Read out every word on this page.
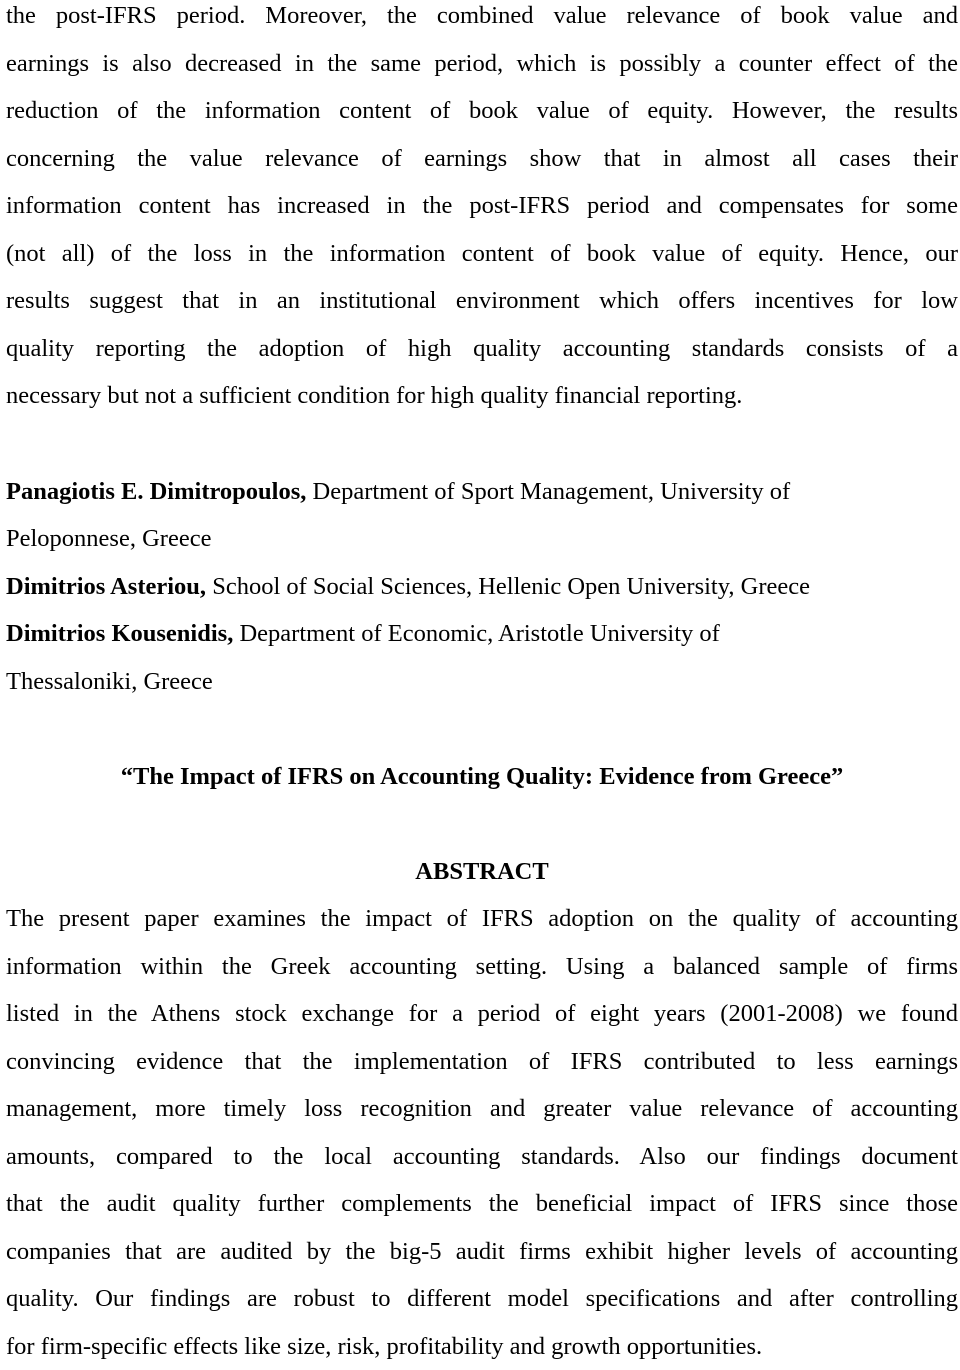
the post-IFRS period. Moreover, the combined value relevance of book value and

earnings is also decreased in the same period, which is possibly a counter effect of the

reduction of the information content of book value of equity. However, the results

concerning the value relevance of earnings show that in almost all cases their

information content has increased in the post-IFRS period and compensates for some

(not all) of the loss in the information content of book value of equity. Hence, our

results suggest that in an institutional environment which offers incentives for low

quality reporting the adoption of high quality accounting standards consists of a

necessary but not a sufficient condition for high quality financial reporting.

Panagiotis E. Dimitropoulos, Department of Sport Management, University of

Peloponnese, Greece

Dimitrios Asteriou, School of Social Sciences, Hellenic Open University, Greece

Dimitrios Kousenidis, Department of Economic, Aristotle University of

Thessaloniki, Greece

“The Impact of IFRS on Accounting Quality: Evidence from Greece”

ABSTRACT

The present paper examines the impact of IFRS adoption on the quality of accounting

information within the Greek accounting setting. Using a balanced sample of firms

listed in the Athens stock exchange for a period of eight years (2001-2008) we found

convincing evidence that the implementation of IFRS contributed to less earnings

management, more timely loss recognition and greater value relevance of accounting

amounts, compared to the local accounting standards. Also our findings document

that the audit quality further complements the beneficial impact of IFRS since those

companies that are audited by the big-5 audit firms exhibit higher levels of accounting

quality. Our findings are robust to different model specifications and after controlling

for firm-specific effects like size, risk, profitability and growth opportunities.
